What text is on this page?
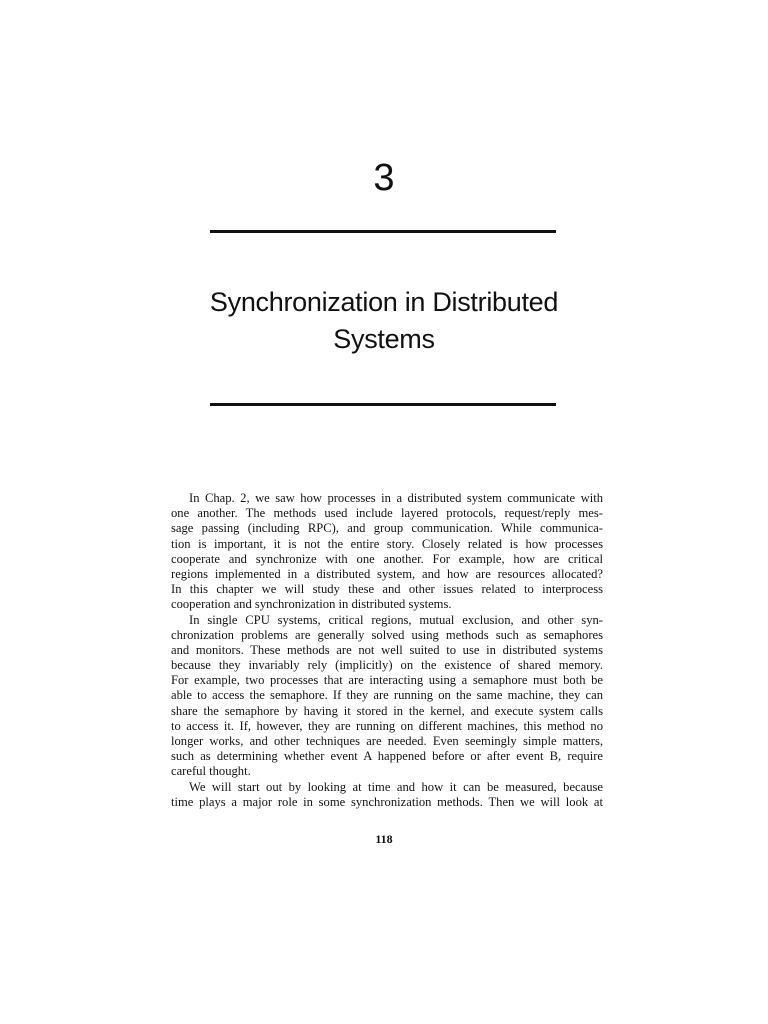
3
Synchronization in Distributed
Systems
In Chap. 2, we saw how processes in a distributed system communicate with
one another. The methods used include layered protocols, request/reply mes-
sage passing (including RPC), and group communication. While communica-
tion is important, it is not the entire story. Closely related is how processes
cooperate and synchronize with one another. For example, how are critical
regions implemented in a distributed system, and how are resources allocated?
In this chapter we will study these and other issues related to interprocess
cooperation and synchronization in distributed systems.
In single CPU systems, critical regions, mutual exclusion, and other syn-
chronization problems are generally solved using methods such as semaphores
and monitors. These methods are not well suited to use in distributed systems
because they invariably rely (implicitly) on the existence of shared memory.
For example, two processes that are interacting using a semaphore must both be
able to access the semaphore. If they are running on the same machine, they can
share the semaphore by having it stored in the kernel, and execute system calls
to access it. If, however, they are running on different machines, this method no
longer works, and other techniques are needed. Even seemingly simple matters,
such as determining whether event A happened before or after event B, require
careful thought.
We will start out by looking at time and how it can be measured, because
time plays a major role in some synchronization methods. Then we will look at
118
